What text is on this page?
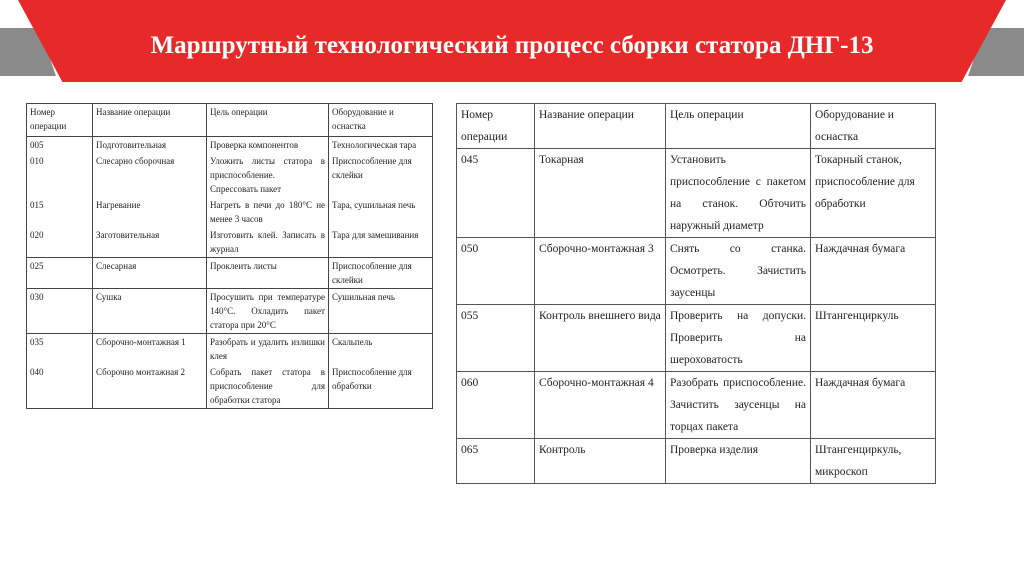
Маршрутный технологический процесс сборки статора ДНГ-13
Номер операции	Название операции	Цель операции	Оборудование и оснастка
005	Подготовительная	Проверка компонентов	Технологическая тара
010	Слесарно сборочная	Уложить листы статора в приспособление. Спрессовать пакет	Приспособление для склейки
015	Нагревание	Нагреть в печи до 180°С не менее 3 часов	Тара, сушильная печь
020	Заготовительная	Изготовить клей. Записать в журнал	Тара для замешивания
025	Слесарная	Проклеить листы	Приспособление для склейки
030	Сушка	Просушить при температуре 140°С. Охладить пакет статора при 20°С	Сушильная печь
035	Сборочно-монтажная 1	Разобрать и удалить излишки клея	Скальпель
040	Сборочно монтажная 2	Собрать пакет статора в приспособление для обработки статора	Приспособление для обработки
Номер операции	Название операции	Цель операции	Оборудование и оснастка
045	Токарная	Установить приспособление с пакетом на станок. Обточить наружный диаметр	Токарный станок, приспособление для обработки
050	Сборочно-монтажная 3	Снять со станка. Осмотреть. Зачистить заусенцы	Наждачная бумага
055	Контроль внешнего вида	Проверить на допуски. Проверить на шероховатость	Штангенциркуль
060	Сборочно-монтажная 4	Разобрать приспособление. Зачистить заусенцы на торцах пакета	Наждачная бумага
065	Контроль	Проверка изделия	Штангенциркуль, микроскоп
